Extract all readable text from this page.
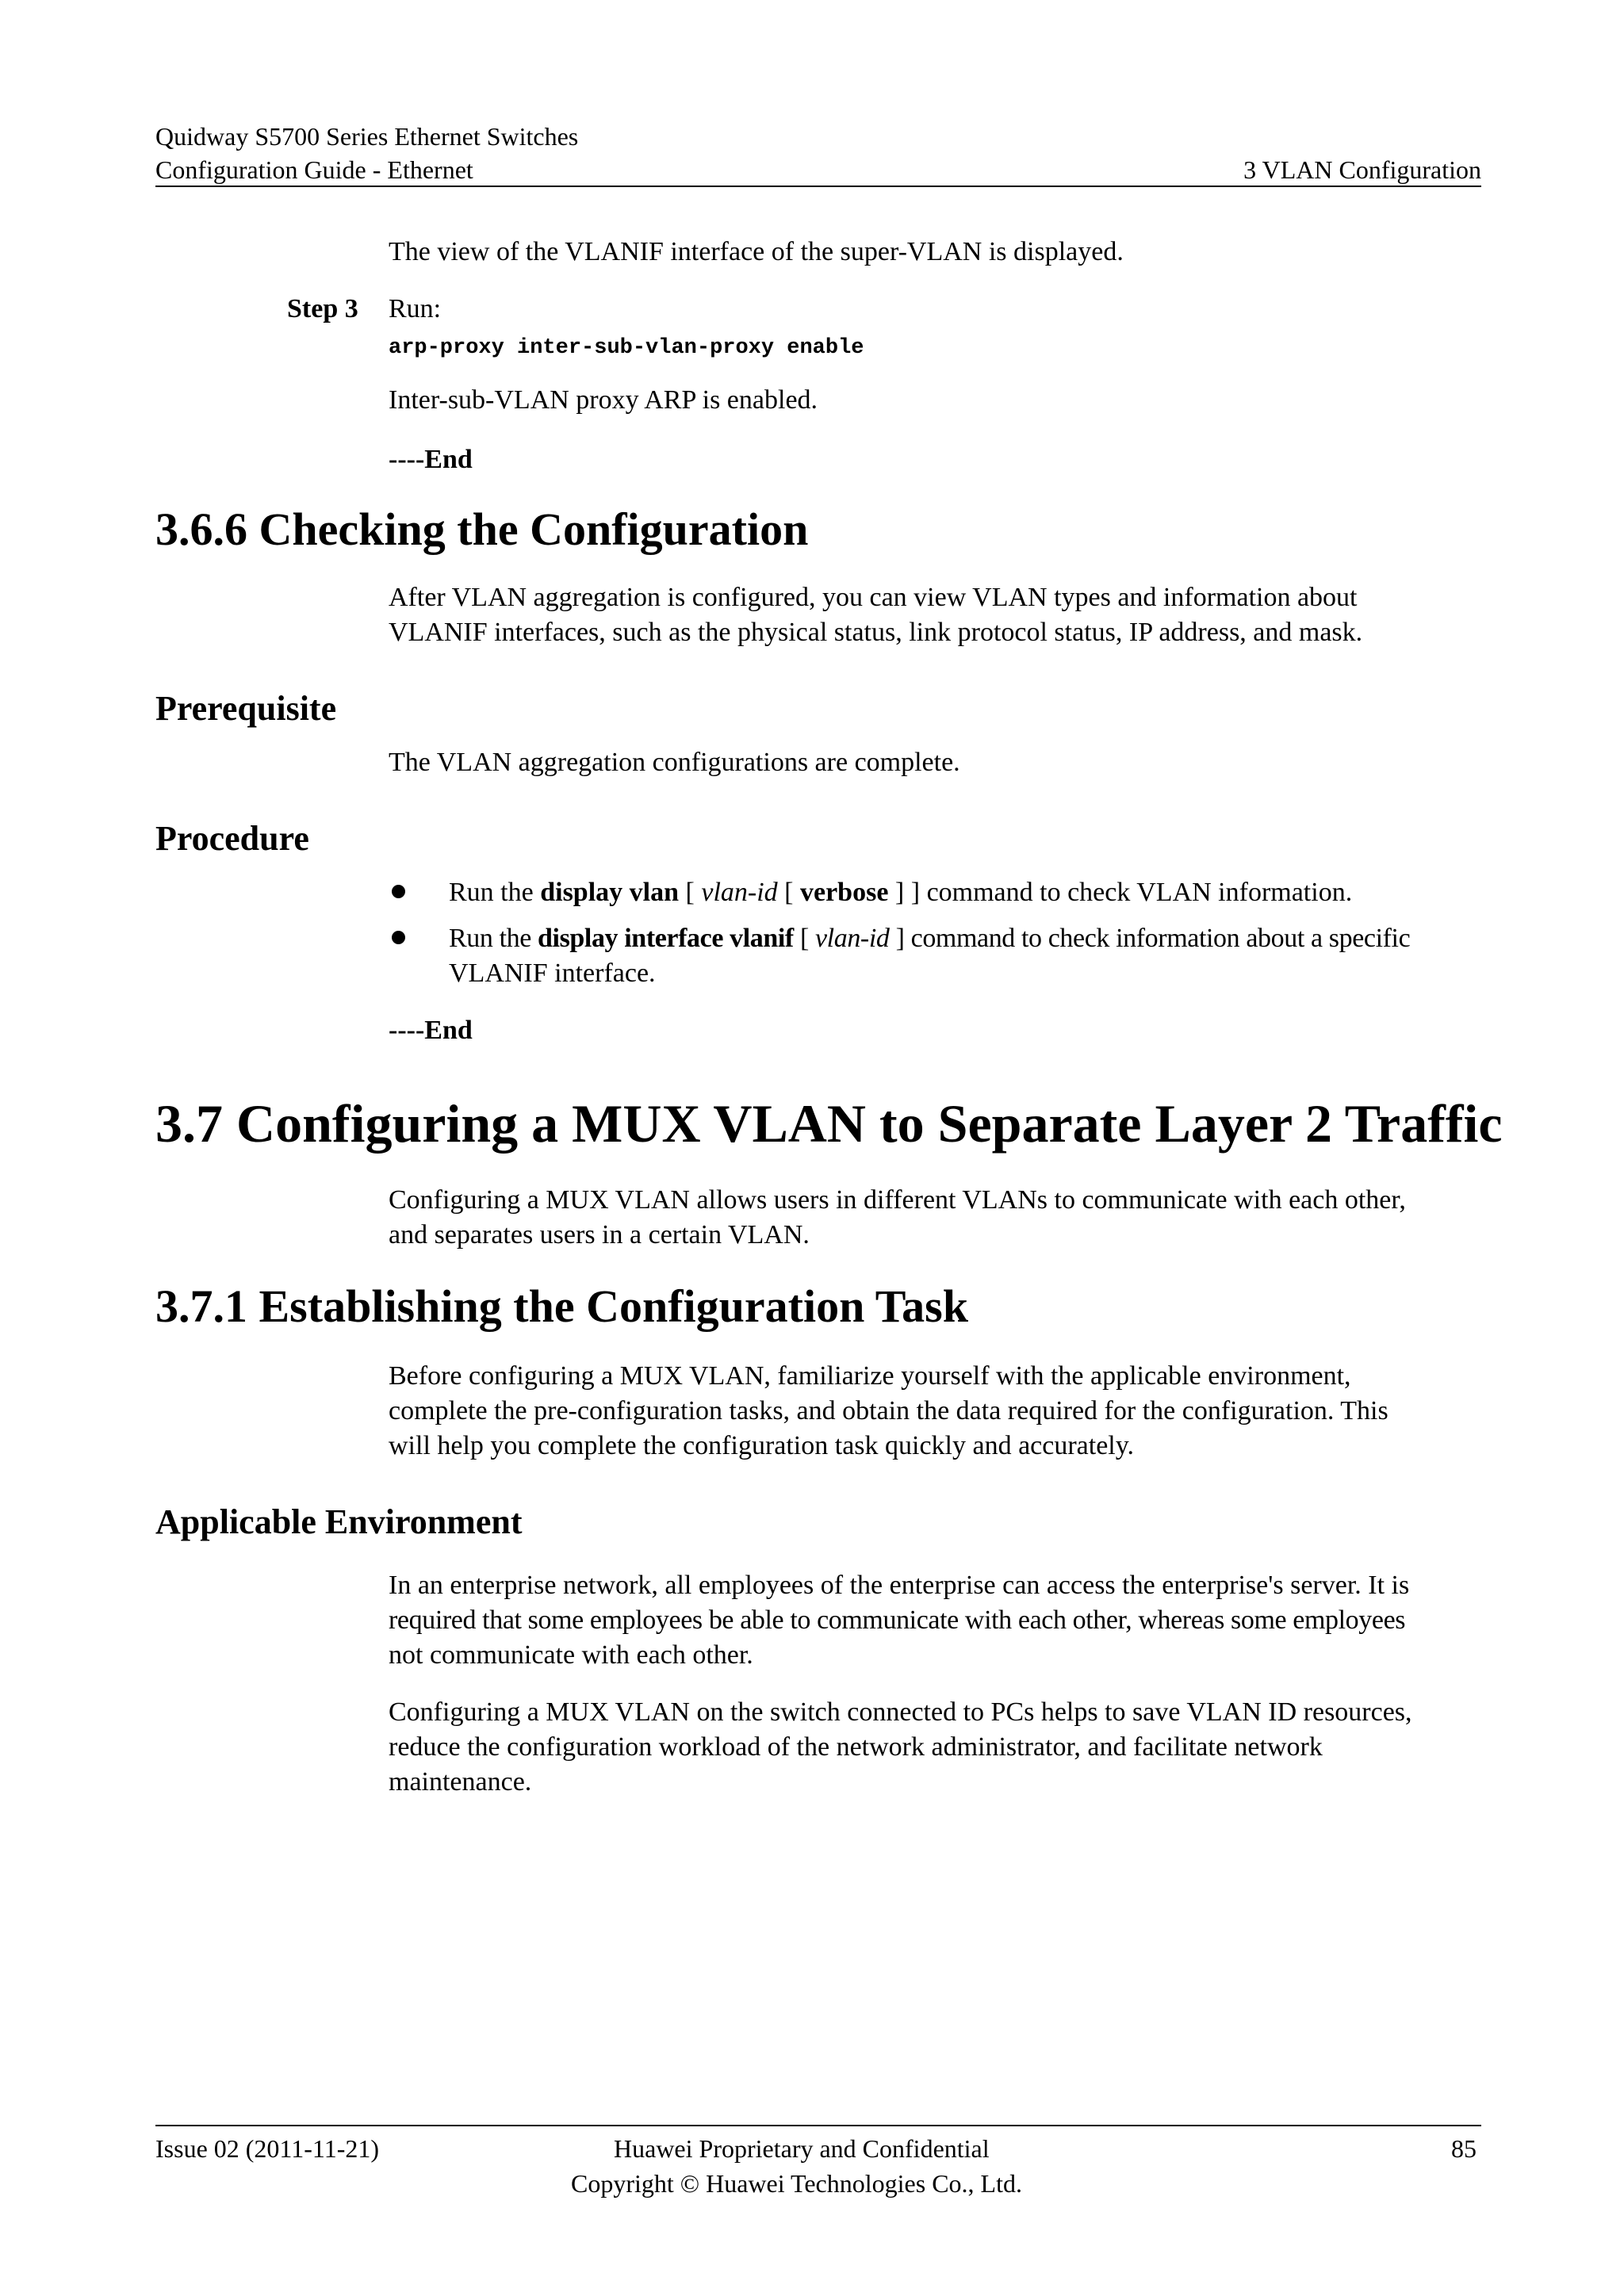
Quidway S5700 Series Ethernet Switches
Configuration Guide - Ethernet	3 VLAN Configuration
The view of the VLANIF interface of the super-VLAN is displayed.
Step 3 Run:
arp-proxy inter-sub-vlan-proxy enable
Inter-sub-VLAN proxy ARP is enabled.
----End
3.6.6 Checking the Configuration
After VLAN aggregation is configured, you can view VLAN types and information about
VLANIF interfaces, such as the physical status, link protocol status, IP address, and mask.
Prerequisite
The VLAN aggregation configurations are complete.
Procedure
Run the display vlan [ vlan-id [ verbose ] ] command to check VLAN information.
Run the display interface vlanif [ vlan-id ] command to check information about a specific
VLANIF interface.
----End
3.7 Configuring a MUX VLAN to Separate Layer 2 Traffic
Configuring a MUX VLAN allows users in different VLANs to communicate with each other,
and separates users in a certain VLAN.
3.7.1 Establishing the Configuration Task
Before configuring a MUX VLAN, familiarize yourself with the applicable environment,
complete the pre-configuration tasks, and obtain the data required for the configuration. This
will help you complete the configuration task quickly and accurately.
Applicable Environment
In an enterprise network, all employees of the enterprise can access the enterprise's server. It is
required that some employees be able to communicate with each other, whereas some employees
not communicate with each other.
Configuring a MUX VLAN on the switch connected to PCs helps to save VLAN ID resources,
reduce the configuration workload of the network administrator, and facilitate network
maintenance.
Issue 02 (2011-11-21)	Huawei Proprietary and Confidential
Copyright © Huawei Technologies Co., Ltd.
85
